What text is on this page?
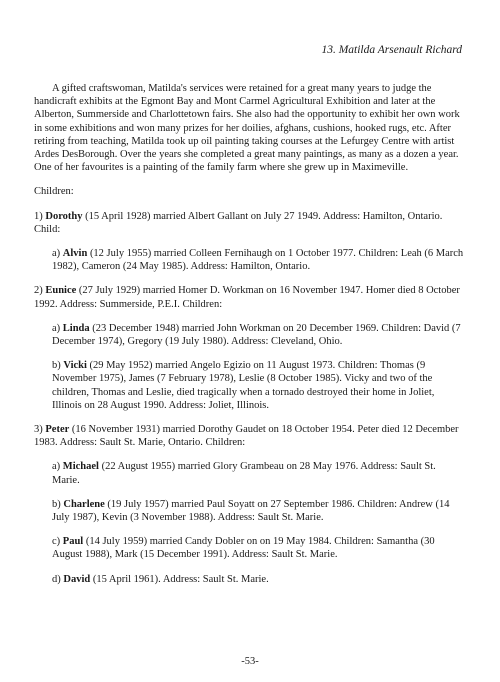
13. Matilda Arsenault Richard

A gifted craftswoman, Matilda's services were retained for a great many years to judge the handicraft exhibits at the Egmont Bay and Mont Carmel Agricultural Exhibition and later at the Alberton, Summerside and Charlottetown fairs. She also had the opportunity to exhibit her own work in some exhibitions and won many prizes for her doilies, afghans, cushions, hooked rugs, etc. After retiring from teaching, Matilda took up oil painting taking courses at the Lefurgey Centre with artist Ardes DesBorough. Over the years she completed a great many paintings, as many as a dozen a year. One of her favourites is a painting of the family farm where she grew up in Maximeville.

Children:

1) Dorothy (15 April 1928) married Albert Gallant on July 27 1949. Address: Hamilton, Ontario. Child:

a) Alvin (12 July 1955) married Colleen Fernihaugh on 1 October 1977. Children: Leah (6 March 1982), Cameron (24 May 1985). Address: Hamilton, Ontario.

2) Eunice (27 July 1929) married Homer D. Workman on 16 November 1947. Homer died 8 October 1992. Address: Summerside, P.E.I. Children:

a) Linda (23 December 1948) married John Workman on 20 December 1969. Children: David (7 December 1974), Gregory (19 July 1980). Address: Cleveland, Ohio.

b) Vicki (29 May 1952) married Angelo Egizio on 11 August 1973. Children: Thomas (9 November 1975), James (7 February 1978), Leslie (8 October 1985). Vicky and two of the children, Thomas and Leslie, died tragically when a tornado destroyed their home in Joliet, Illinois on 28 August 1990. Address: Joliet, Illinois.

3) Peter (16 November 1931) married Dorothy Gaudet on 18 October 1954. Peter died 12 December 1983. Address: Sault St. Marie, Ontario. Children:

a) Michael (22 August 1955) married Glory Grambeau on 28 May 1976. Address: Sault St. Marie.

b) Charlene (19 July 1957) married Paul Soyatt on 27 September 1986. Children: Andrew (14 July 1987), Kevin (3 November 1988). Address: Sault St. Marie.

c) Paul (14 July 1959) married Candy Dobler on on 19 May 1984. Children: Samantha (30 August 1988), Mark (15 December 1991). Address: Sault St. Marie.

d) David (15 April 1961). Address: Sault St. Marie.

-53-
